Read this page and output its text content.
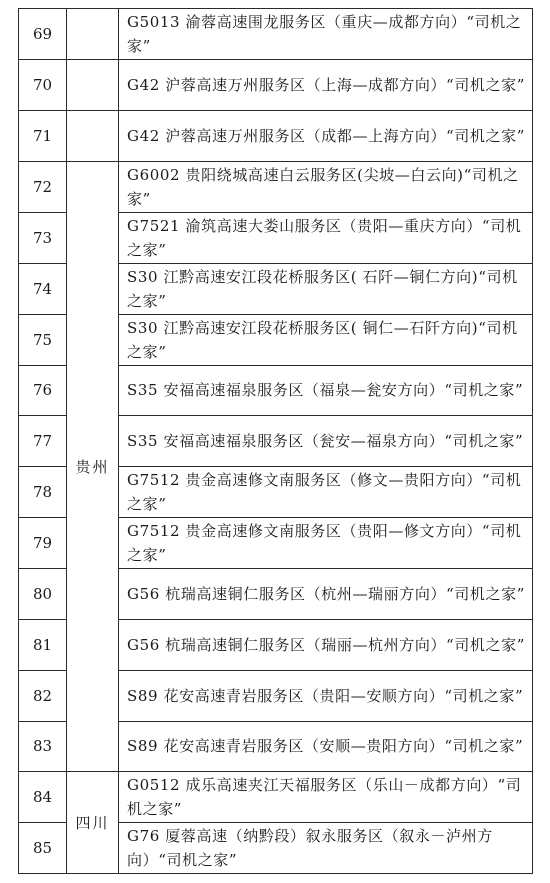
69		G5013 渝蓉高速围龙服务区（重庆—成都方向）“司机之家”
70		G42 沪蓉高速万州服务区（上海—成都方向）“司机之家”
71		G42 沪蓉高速万州服务区（成都—上海方向）“司机之家”
72	贵州	G6002 贵阳绕城高速白云服务区(尖坡—白云向)“司机之家”
73		G7521 渝筑高速大娄山服务区（贵阳—重庆方向）“司机之家”
74		S30 江黔高速安江段花桥服务区( 石阡—铜仁方向)“司机之家”
75		S30 江黔高速安江段花桥服务区( 铜仁—石阡方向)“司机之家”
76		S35 安福高速福泉服务区（福泉—瓮安方向）“司机之家”
77		S35 安福高速福泉服务区（瓮安—福泉方向）“司机之家”
78		G7512 贵金高速修文南服务区（修文—贵阳方向）“司机之家”
79		G7512 贵金高速修文南服务区（贵阳—修文方向）“司机之家”
80		G56 杭瑞高速铜仁服务区（杭州—瑞丽方向）“司机之家”
81		G56 杭瑞高速铜仁服务区（瑞丽—杭州方向）“司机之家”
82		S89 花安高速青岩服务区（贵阳—安顺方向）“司机之家”
83		S89 花安高速青岩服务区（安顺—贵阳方向）“司机之家”
84	四川	G0512 成乐高速夹江天福服务区（乐山－成都方向）“司机之家”
85		G76 厦蓉高速（纳黔段）叙永服务区（叙永－泸州方向）“司机之家”
